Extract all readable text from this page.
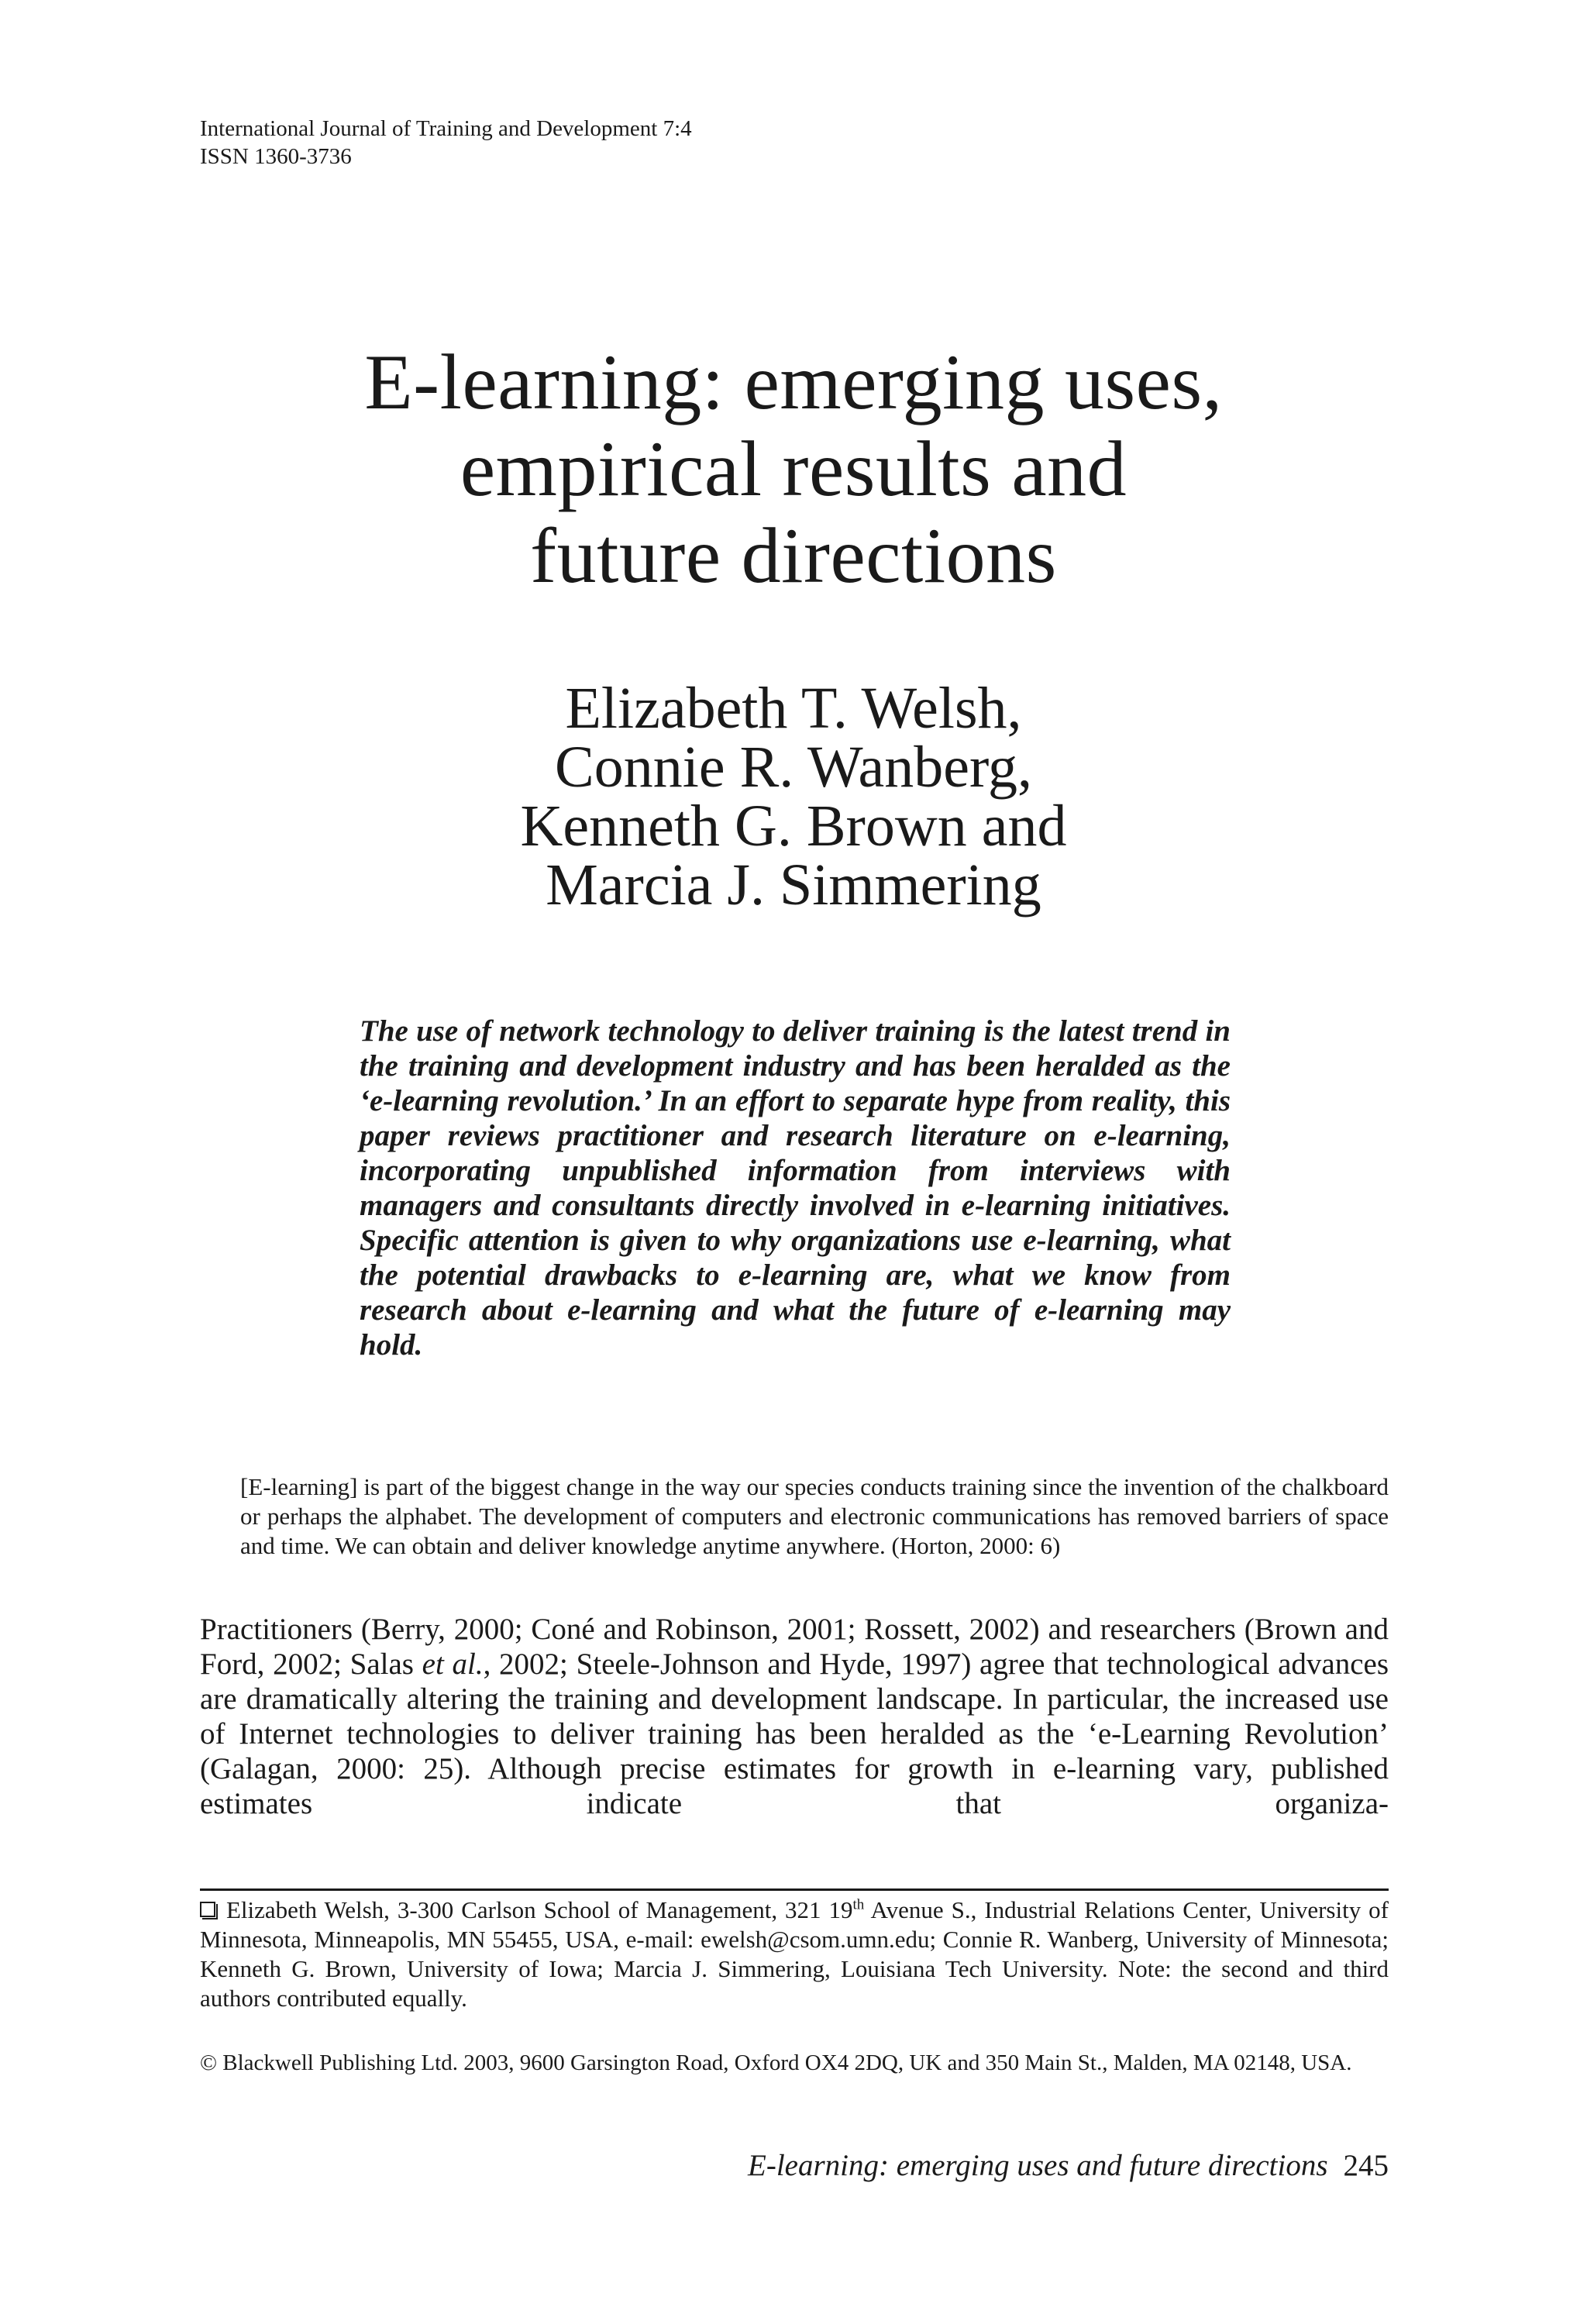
International Journal of Training and Development 7:4
ISSN 1360-3736
E-learning: emerging uses,
empirical results and
future directions
Elizabeth T. Welsh,
Connie R. Wanberg,
Kenneth G. Brown and
Marcia J. Simmering
The use of network technology to deliver training is the latest trend in the training and development industry and has been heralded as the ‘e-learning revolution.’ In an effort to separate hype from reality, this paper reviews practitioner and research literature on e-learning, incorporating unpublished information from interviews with managers and consultants directly involved in e-learning initiatives. Specific attention is given to why organizations use e-learning, what the potential drawbacks to e-learning are, what we know from research about e-learning and what the future of e-learning may hold.
[E-learning] is part of the biggest change in the way our species conducts training since the invention of the chalkboard or perhaps the alphabet. The development of computers and electronic communications has removed barriers of space and time. We can obtain and deliver knowledge anytime anywhere. (Horton, 2000: 6)
Practitioners (Berry, 2000; Coné and Robinson, 2001; Rossett, 2002) and researchers (Brown and Ford, 2002; Salas et al., 2002; Steele-Johnson and Hyde, 1997) agree that technological advances are dramatically altering the training and development landscape. In particular, the increased use of Internet technologies to deliver training has been heralded as the ‘e-Learning Revolution’ (Galagan, 2000: 25). Although precise estimates for growth in e-learning vary, published estimates indicate that organiza-
Elizabeth Welsh, 3-300 Carlson School of Management, 321 19th Avenue S., Industrial Relations Center, University of Minnesota, Minneapolis, MN 55455, USA, e-mail: ewelsh@csom.umn.edu; Connie R. Wanberg, University of Minnesota; Kenneth G. Brown, University of Iowa; Marcia J. Simmering, Louisiana Tech University. Note: the second and third authors contributed equally.
© Blackwell Publishing Ltd. 2003, 9600 Garsington Road, Oxford OX4 2DQ, UK and 350 Main St., Malden, MA 02148, USA.
E-learning: emerging uses and future directions 245
